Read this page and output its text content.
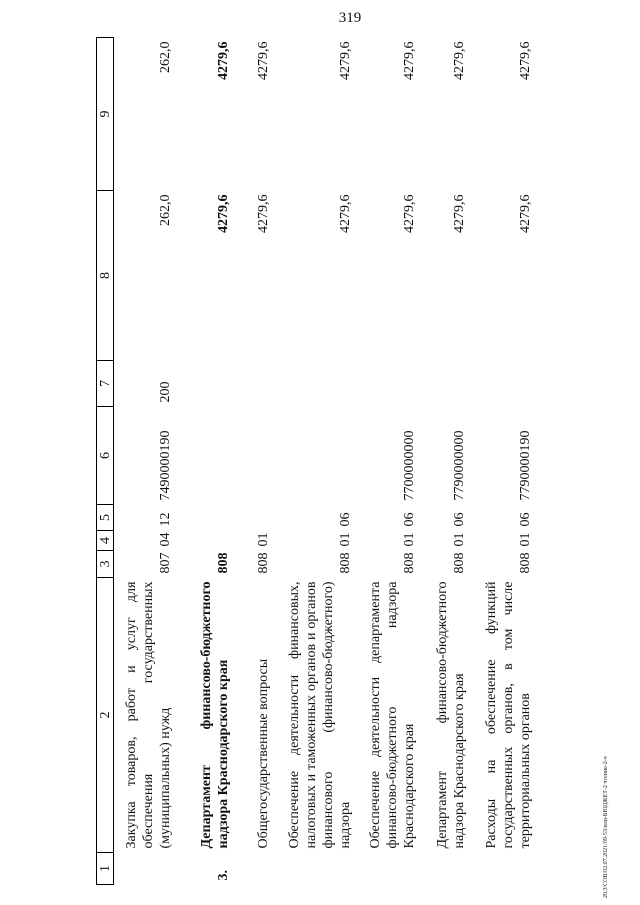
319
20.3/СОВ/02.07.2021/09-53/или-БЮДЖЕТ-2 чтение-2-ч
1	2	3	4	5	6	7	8	9
	Закупка товаров, работ и услуг для обеспечения государственных (муниципальных) нужд	807	04	12	7490000190	200	262,0	262,0
3.	Департамент финансово-бюджетного надзора Краснодарского края	808					4279,6	4279,6
	Общегосударственные вопросы	808	01				4279,6	4279,6
	Обеспечение деятельности финансовых, налоговых и таможенных органов и органов финансового (финансово-бюджетного) надзора	808	01	06			4279,6	4279,6
	Обеспечение деятельности департамента финансово-бюджетного надзора Краснодарского края	808	01	06	7700000000		4279,6	4279,6
	Департамент финансово-бюджетного надзора Краснодарского края	808	01	06	7790000000		4279,6	4279,6
	Расходы на обеспечение функций государственных органов, в том числе территориальных органов	808	01	06	7790000190		4279,6	4279,6
